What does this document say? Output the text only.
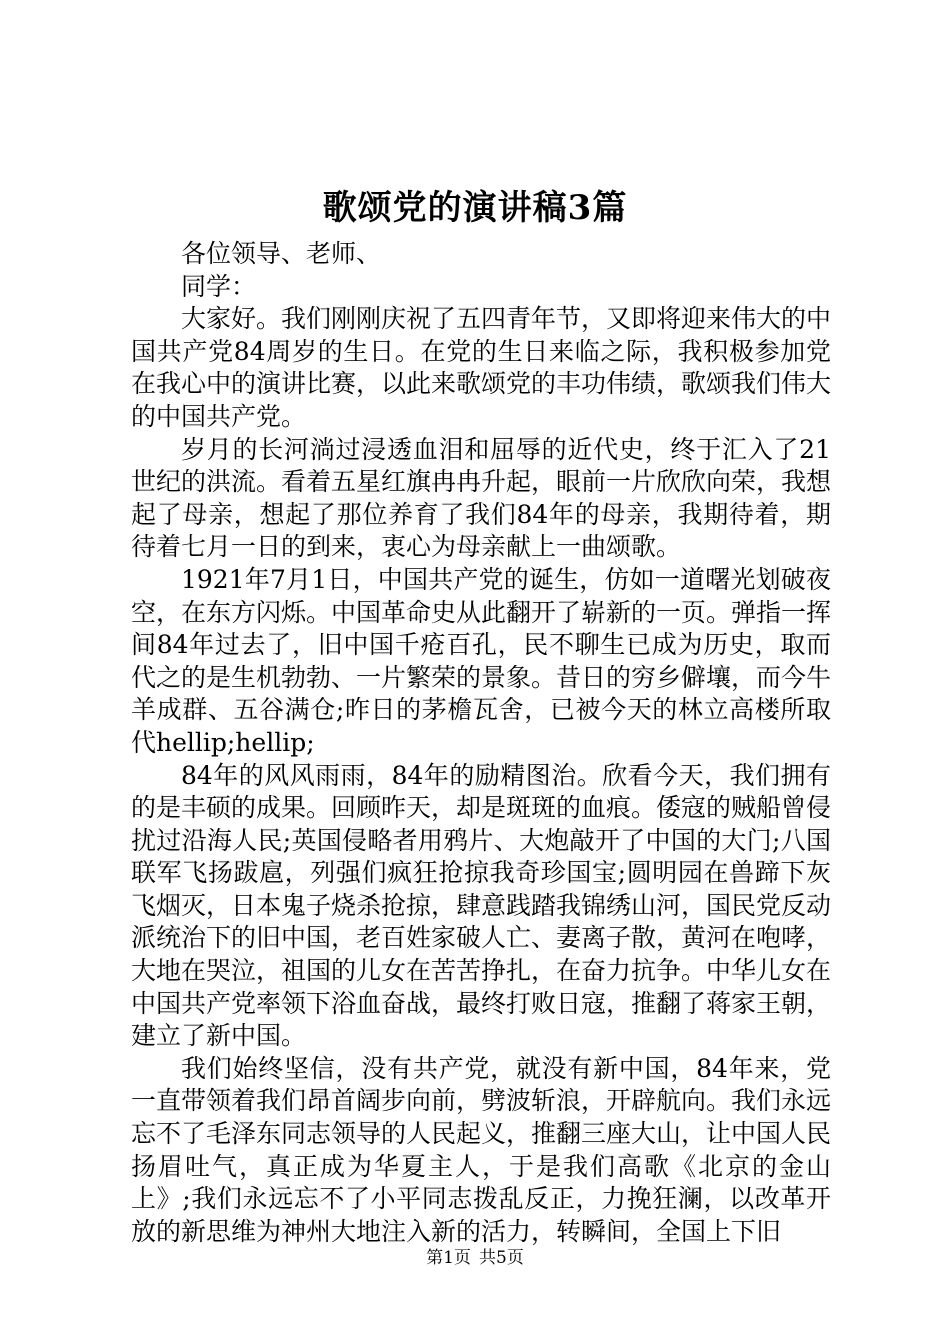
歌颂党的演讲稿3篇

各位领导、老师、

同学：

大家好。我们刚刚庆祝了五四青年节，又即将迎来伟大的中国共产党84周岁的生日。在党的生日来临之际，我积极参加党在我心中的演讲比赛，以此来歌颂党的丰功伟绩，歌颂我们伟大的中国共产党。

岁月的长河淌过浸透血泪和屈辱的近代史，终于汇入了21世纪的洪流。看着五星红旗冉冉升起，眼前一片欣欣向荣，我想起了母亲，想起了那位养育了我们84年的母亲，我期待着，期待着七月一日的到来，衷心为母亲献上一曲颂歌。

1921年7月1日，中国共产党的诞生，仿如一道曙光划破夜空，在东方闪烁。中国革命史从此翻开了崭新的一页。弹指一挥间84年过去了，旧中国千疮百孔，民不聊生已成为历史，取而代之的是生机勃勃、一片繁荣的景象。昔日的穷乡僻壤，而今牛羊成群、五谷满仓;昨日的茅檐瓦舍，已被今天的林立高楼所取代hellip;hellip;

84年的风风雨雨，84年的励精图治。欣看今天，我们拥有的是丰硕的成果。回顾昨天，却是斑斑的血痕。倭寇的贼船曾侵扰过沿海人民;英国侵略者用鸦片、大炮敲开了中国的大门;八国联军飞扬跋扈，列强们疯狂抢掠我奇珍国宝;圆明园在兽蹄下灰飞烟灭，日本鬼子烧杀抢掠，肆意践踏我锦绣山河，国民党反动派统治下的旧中国，老百姓家破人亡、妻离子散，黄河在咆哮，大地在哭泣，祖国的儿女在苦苦挣扎，在奋力抗争。中华儿女在中国共产党率领下浴血奋战，最终打败日寇，推翻了蒋家王朝，建立了新中国。

我们始终坚信，没有共产党，就没有新中国，84年来，党一直带领着我们昂首阔步向前，劈波斩浪，开辟航向。我们永远忘不了毛泽东同志领导的人民起义，推翻三座大山，让中国人民扬眉吐气，真正成为华夏主人，于是我们高歌《北京的金山上》;我们永远忘不了小平同志拨乱反正，力挽狂澜，以改革开放的新思维为神州大地注入新的活力，转瞬间，全国上下旧

第1页 共5页
